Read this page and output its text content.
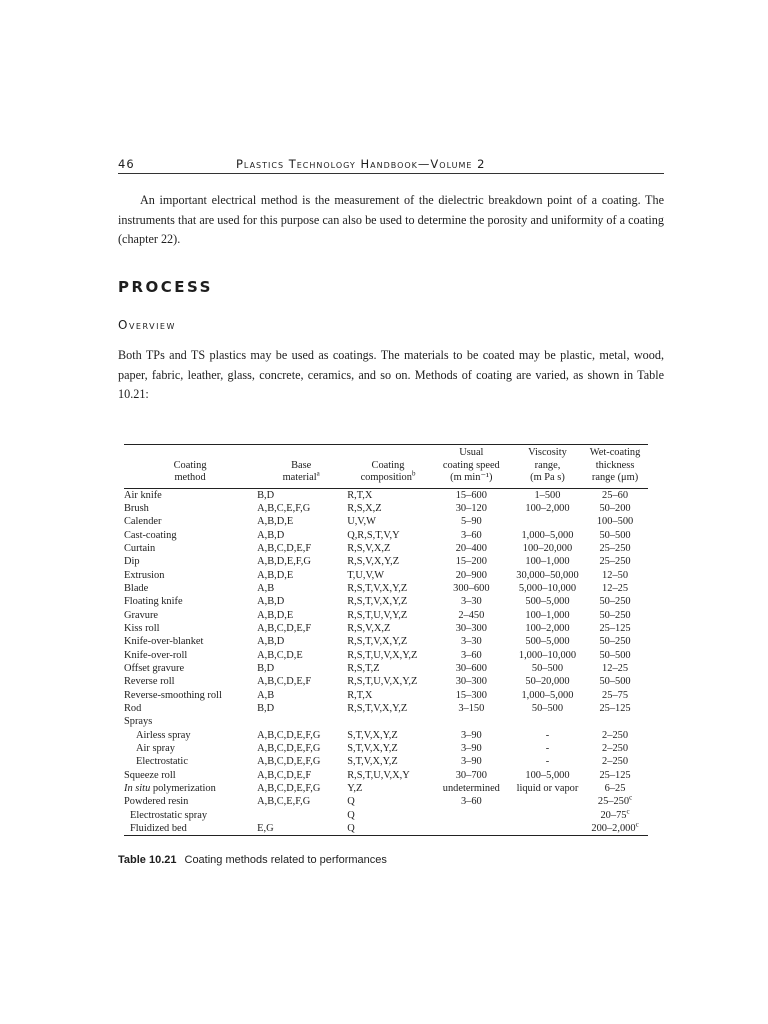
46	Plastics Technology Handbook—Volume 2

An important electrical method is the measurement of the dielectric breakdown point of a coating. The instruments that are used for this purpose can also be used to determine the porosity and uniformity of a coating (chapter 22).

PROCESS
Overview

Both TPs and TS plastics may be used as coatings. The materials to be coated may be plastic, metal, wood, paper, fabric, leather, glass, concrete, ceramics, and so on. Methods of coating are varied, as shown in Table 10.21:

Coating
method	Base
material$^a$	Coating
composition$^b$	Usual
coating speed
(m min⁻¹)	Viscosity
range,
(m Pa s)	Wet-coating
thickness
range (μm)
Air knife	B,D	R,T,X	15–600	1–500	25–60
Brush	A,B,C,E,F,G	R,S,X,Z	30–120	100–2,000	50–200
Calender	A,B,D,E	U,V,W	5–90		100–500
Cast-coating	A,B,D	Q,R,S,T,V,Y	3–60	1,000–5,000	50–500
Curtain	A,B,C,D,E,F	R,S,V,X,Z	20–400	100–20,000	25–250
Dip	A,B,D,E,F,G	R,S,V,X,Y,Z	15–200	100–1,000	25–250
Extrusion	A,B,D,E	T,U,V,W	20–900	30,000–50,000	12–50
Blade	A,B	R,S,T,V,X,Y,Z	300–600	5,000–10,000	12–25
Floating knife	A,B,D	R,S,T,V,X,Y,Z	3–30	500–5,000	50–250
Gravure	A,B,D,E	R,S,T,U,V,Y,Z	2–450	100–1,000	50–250
Kiss roll	A,B,C,D,E,F	R,S,V,X,Z	30–300	100–2,000	25–125
Knife-over-blanket	A,B,D	R,S,T,V,X,Y,Z	3–30	500–5,000	50–250
Knife-over-roll	A,B,C,D,E	R,S,T,U,V,X,Y,Z	3–60	1,000–10,000	50–500
Offset gravure	B,D	R,S,T,Z	30–600	50–500	12–25
Reverse roll	A,B,C,D,E,F	R,S,T,U,V,X,Y,Z	30–300	50–20,000	50–500
Reverse-smoothing roll	A,B	R,T,X	15–300	1,000–5,000	25–75
Rod	B,D	R,S,T,V,X,Y,Z	3–150	50–500	25–125
Sprays					
Airless spray	A,B,C,D,E,F,G	S,T,V,X,Y,Z	3–90	-	2–250
Air spray	A,B,C,D,E,F,G	S,T,V,X,Y,Z	3–90	-	2–250
Electrostatic	A,B,C,D,E,F,G	S,T,V,X,Y,Z	3–90	-	2–250
Squeeze roll	A,B,C,D,E,F	R,S,T,U,V,X,Y	30–700	100–5,000	25–125
In situ polymerization	A,B,C,D,E,F,G	Y,Z	undetermined	liquid or vapor	6–25
Powdered resin	A,B,C,E,F,G	Q	3–60		25–250$^c$
Electrostatic spray		Q			20–75$^c$
Fluidized bed	E,G	Q			200–2,000$^c$
Table 10.21 Coating methods related to performances
